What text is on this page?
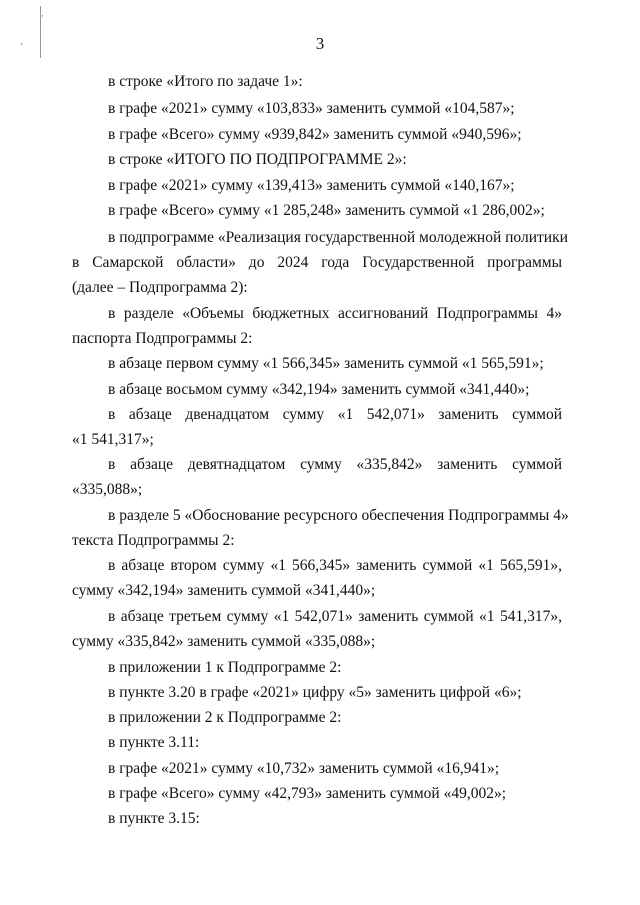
·
·	3
в строке «Итого по задаче 1»:
в графе «2021» сумму «103,833» заменить суммой «104,587»;
в графе «Всего» сумму «939,842» заменить суммой «940,596»;
в строке «ИТОГО ПО ПОДПРОГРАММЕ 2»:
в графе «2021» сумму «139,413» заменить суммой «140,167»;
в графе «Всего» сумму «1 285,248» заменить суммой «1 286,002»;
в подпрограмме «Реализация государственной молодежной политики
в Самарской области» до 2024 года Государственной программы
(далее – Подпрограмма 2):
в разделе «Объемы бюджетных ассигнований Подпрограммы 4»
паспорта Подпрограммы 2:
в абзаце первом сумму «1 566,345» заменить суммой «1 565,591»;
в абзаце восьмом сумму «342,194» заменить суммой «341,440»;
в абзаце двенадцатом сумму «1 542,071» заменить суммой
«1 541,317»;
в абзаце девятнадцатом сумму «335,842» заменить суммой
«335,088»;
в разделе 5 «Обоснование ресурсного обеспечения Подпрограммы 4»
текста Подпрограммы 2:
в абзаце втором сумму «1 566,345» заменить суммой «1 565,591»,
сумму «342,194» заменить суммой «341,440»;
в абзаце третьем сумму «1 542,071» заменить суммой «1 541,317»,
сумму «335,842» заменить суммой «335,088»;
в приложении 1 к Подпрограмме 2:
в пункте 3.20 в графе «2021» цифру «5» заменить цифрой «6»;
в приложении 2 к Подпрограмме 2:
в пункте 3.11:
в графе «2021» сумму «10,732» заменить суммой «16,941»;
в графе «Всего» сумму «42,793» заменить суммой «49,002»;
в пункте 3.15:
